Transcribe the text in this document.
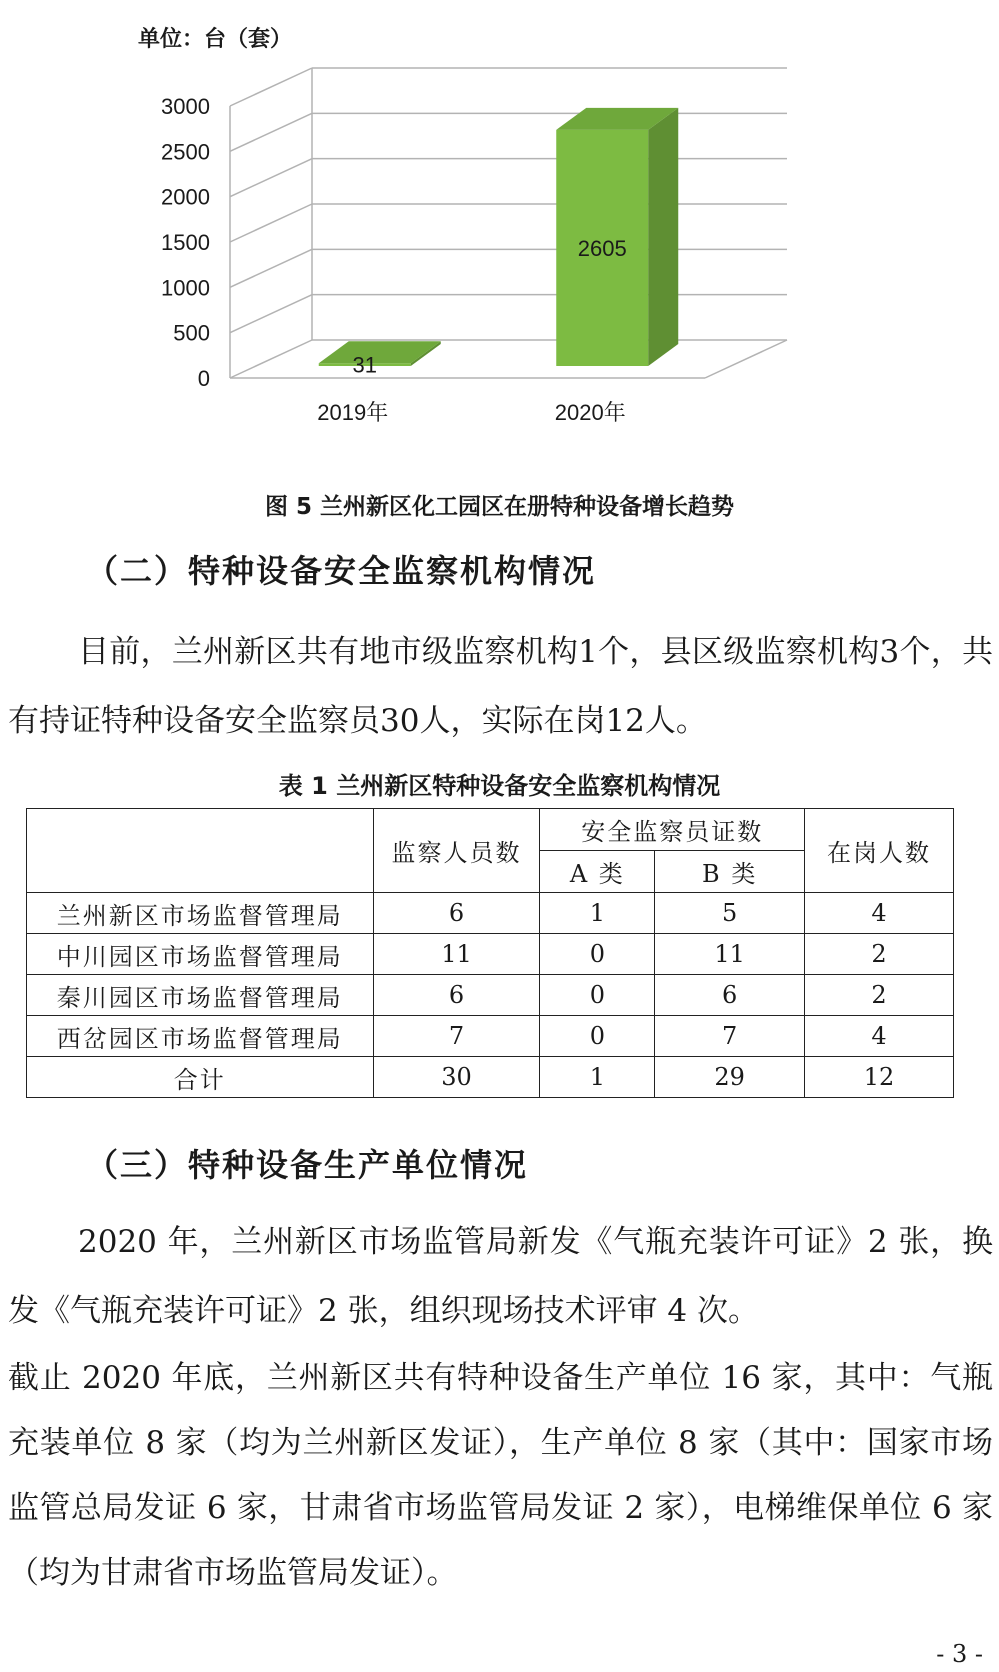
31
2605
0
500
1000
1500
2000
2500
3000
2019年	2020年
单位：台（套）
图 5 兰州新区化工园区在册特种设备增长趋势
（二）特种设备安全监察机构情况

目前，兰州新区共有地市级监察机构1个，县区级监察机构3个，共有持证特种设备安全监察员30人，实际在岗12人。

表 1 兰州新区特种设备安全监察机构情况
	监察人员数	安全监察员证数		在岗人数
		A 类	B 类	
兰州新区市场监督管理局	6	1	5	4
中川园区市场监督管理局	11	0	11	2
秦川园区市场监督管理局	6	0	6	2
西岔园区市场监督管理局	7	0	7	4
合计	30	1	29	12
（三）特种设备生产单位情况

2020 年，兰州新区市场监管局新发《气瓶充装许可证》2 张，换发《气瓶充装许可证》2 张，组织现场技术评审 4 次。

截止 2020 年底，兰州新区共有特种设备生产单位 16 家，其中：气瓶充装单位 8 家（均为兰州新区发证），生产单位 8 家（其中：国家市场监管总局发证 6 家，甘肃省市场监管局发证 2 家），电梯维保单位 6 家（均为甘肃省市场监管局发证）。

- 3 -
